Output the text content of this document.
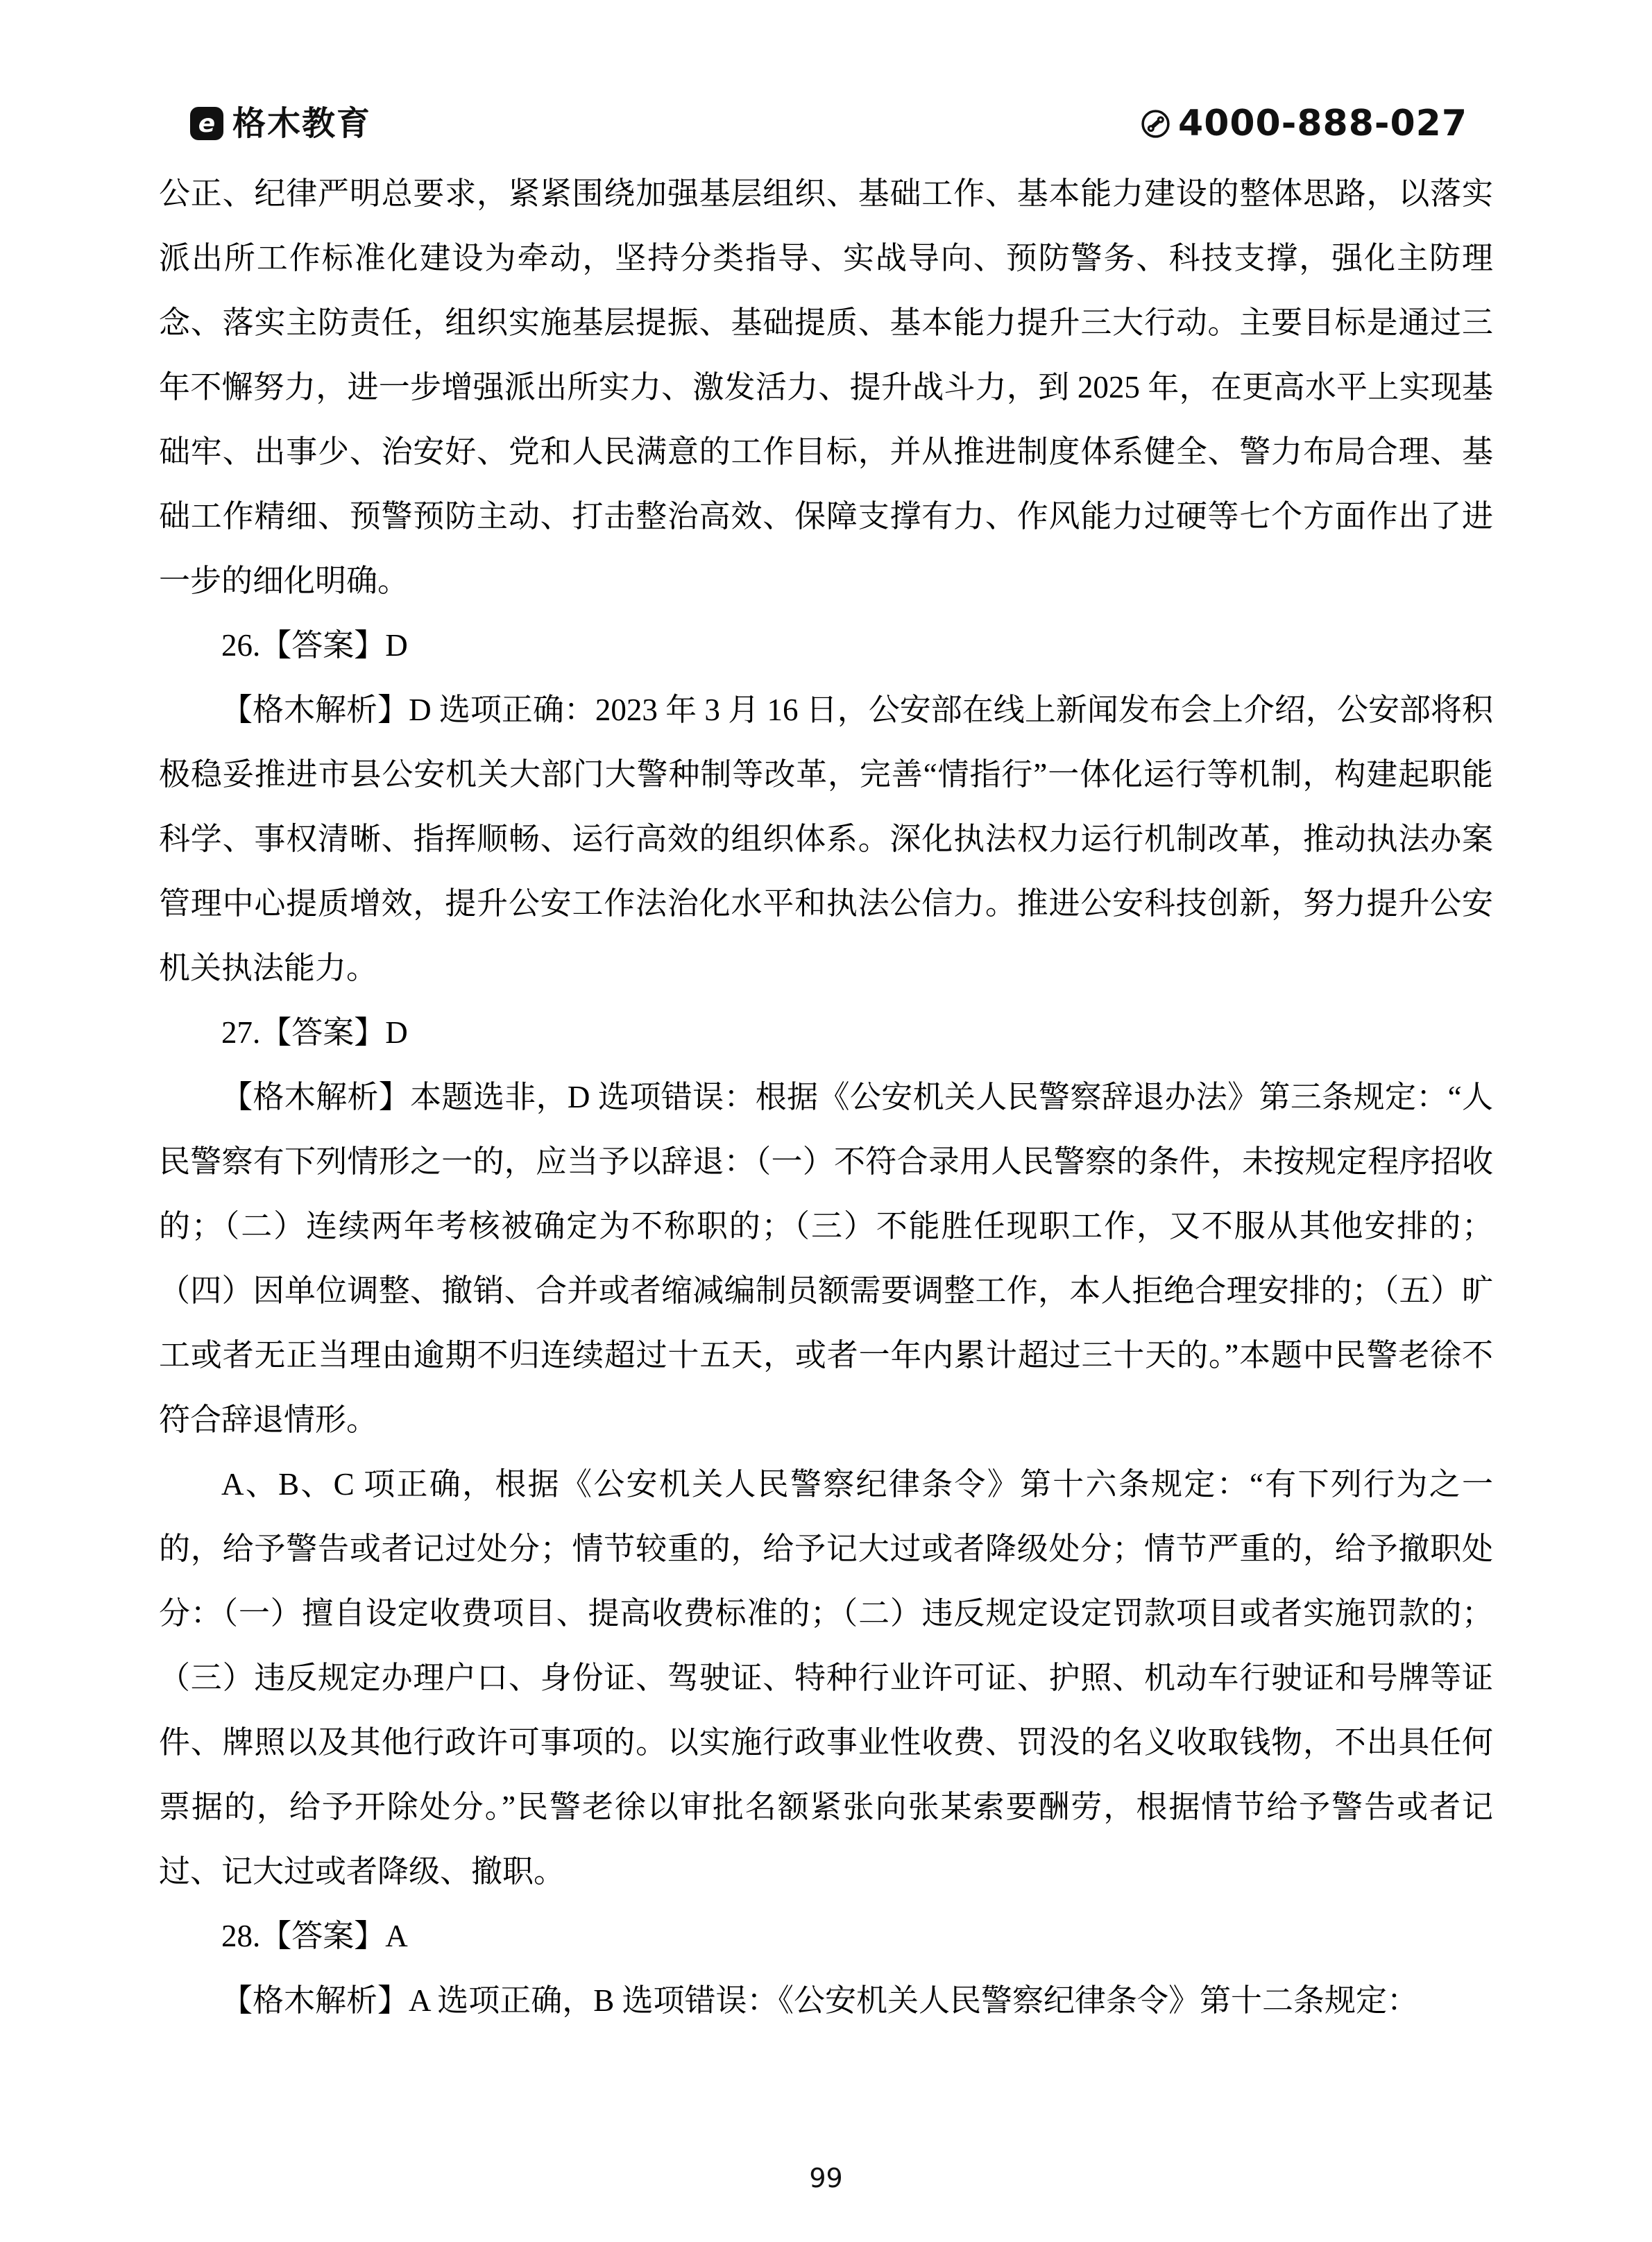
e 格木教育	4000-888-027

公正、纪律严明总要求，紧紧围绕加强基层组织、基础工作、基本能力建设的整体思路，以落实派出所工作标准化建设为牵动，坚持分类指导、实战导向、预防警务、科技支撑，强化主防理念、落实主防责任，组织实施基层提振、基础提质、基本能力提升三大行动。主要目标是通过三年不懈努力，进一步增强派出所实力、激发活力、提升战斗力，到 2025 年，在更高水平上实现基础牢、出事少、治安好、党和人民满意的工作目标，并从推进制度体系健全、警力布局合理、基础工作精细、预警预防主动、打击整治高效、保障支撑有力、作风能力过硬等七个方面作出了进一步的细化明确。

26.【答案】D

【格木解析】D 选项正确：2023 年 3 月 16 日，公安部在线上新闻发布会上介绍，公安部将积极稳妥推进市县公安机关大部门大警种制等改革，完善“情指行”一体化运行等机制，构建起职能科学、事权清晰、指挥顺畅、运行高效的组织体系。深化执法权力运行机制改革，推动执法办案管理中心提质增效，提升公安工作法治化水平和执法公信力。推进公安科技创新，努力提升公安机关执法能力。

27.【答案】D

【格木解析】本题选非，D 选项错误：根据《公安机关人民警察辞退办法》第三条规定：“人民警察有下列情形之一的，应当予以辞退：（一）不符合录用人民警察的条件，未按规定程序招收的；（二）连续两年考核被确定为不称职的；（三）不能胜任现职工作，又不服从其他安排的；（四）因单位调整、撤销、合并或者缩减编制员额需要调整工作，本人拒绝合理安排的；（五）旷工或者无正当理由逾期不归连续超过十五天，或者一年内累计超过三十天的。”本题中民警老徐不符合辞退情形。

A、B、C 项正确，根据《公安机关人民警察纪律条令》第十六条规定：“有下列行为之一的，给予警告或者记过处分；情节较重的，给予记大过或者降级处分；情节严重的，给予撤职处分：（一）擅自设定收费项目、提高收费标准的；（二）违反规定设定罚款项目或者实施罚款的；（三）违反规定办理户口、身份证、驾驶证、特种行业许可证、护照、机动车行驶证和号牌等证件、牌照以及其他行政许可事项的。以实施行政事业性收费、罚没的名义收取钱物，不出具任何票据的，给予开除处分。”民警老徐以审批名额紧张向张某索要酬劳，根据情节给予警告或者记过、记大过或者降级、撤职。

28.【答案】A

【格木解析】A 选项正确，B 选项错误：《公安机关人民警察纪律条令》第十二条规定：

99
